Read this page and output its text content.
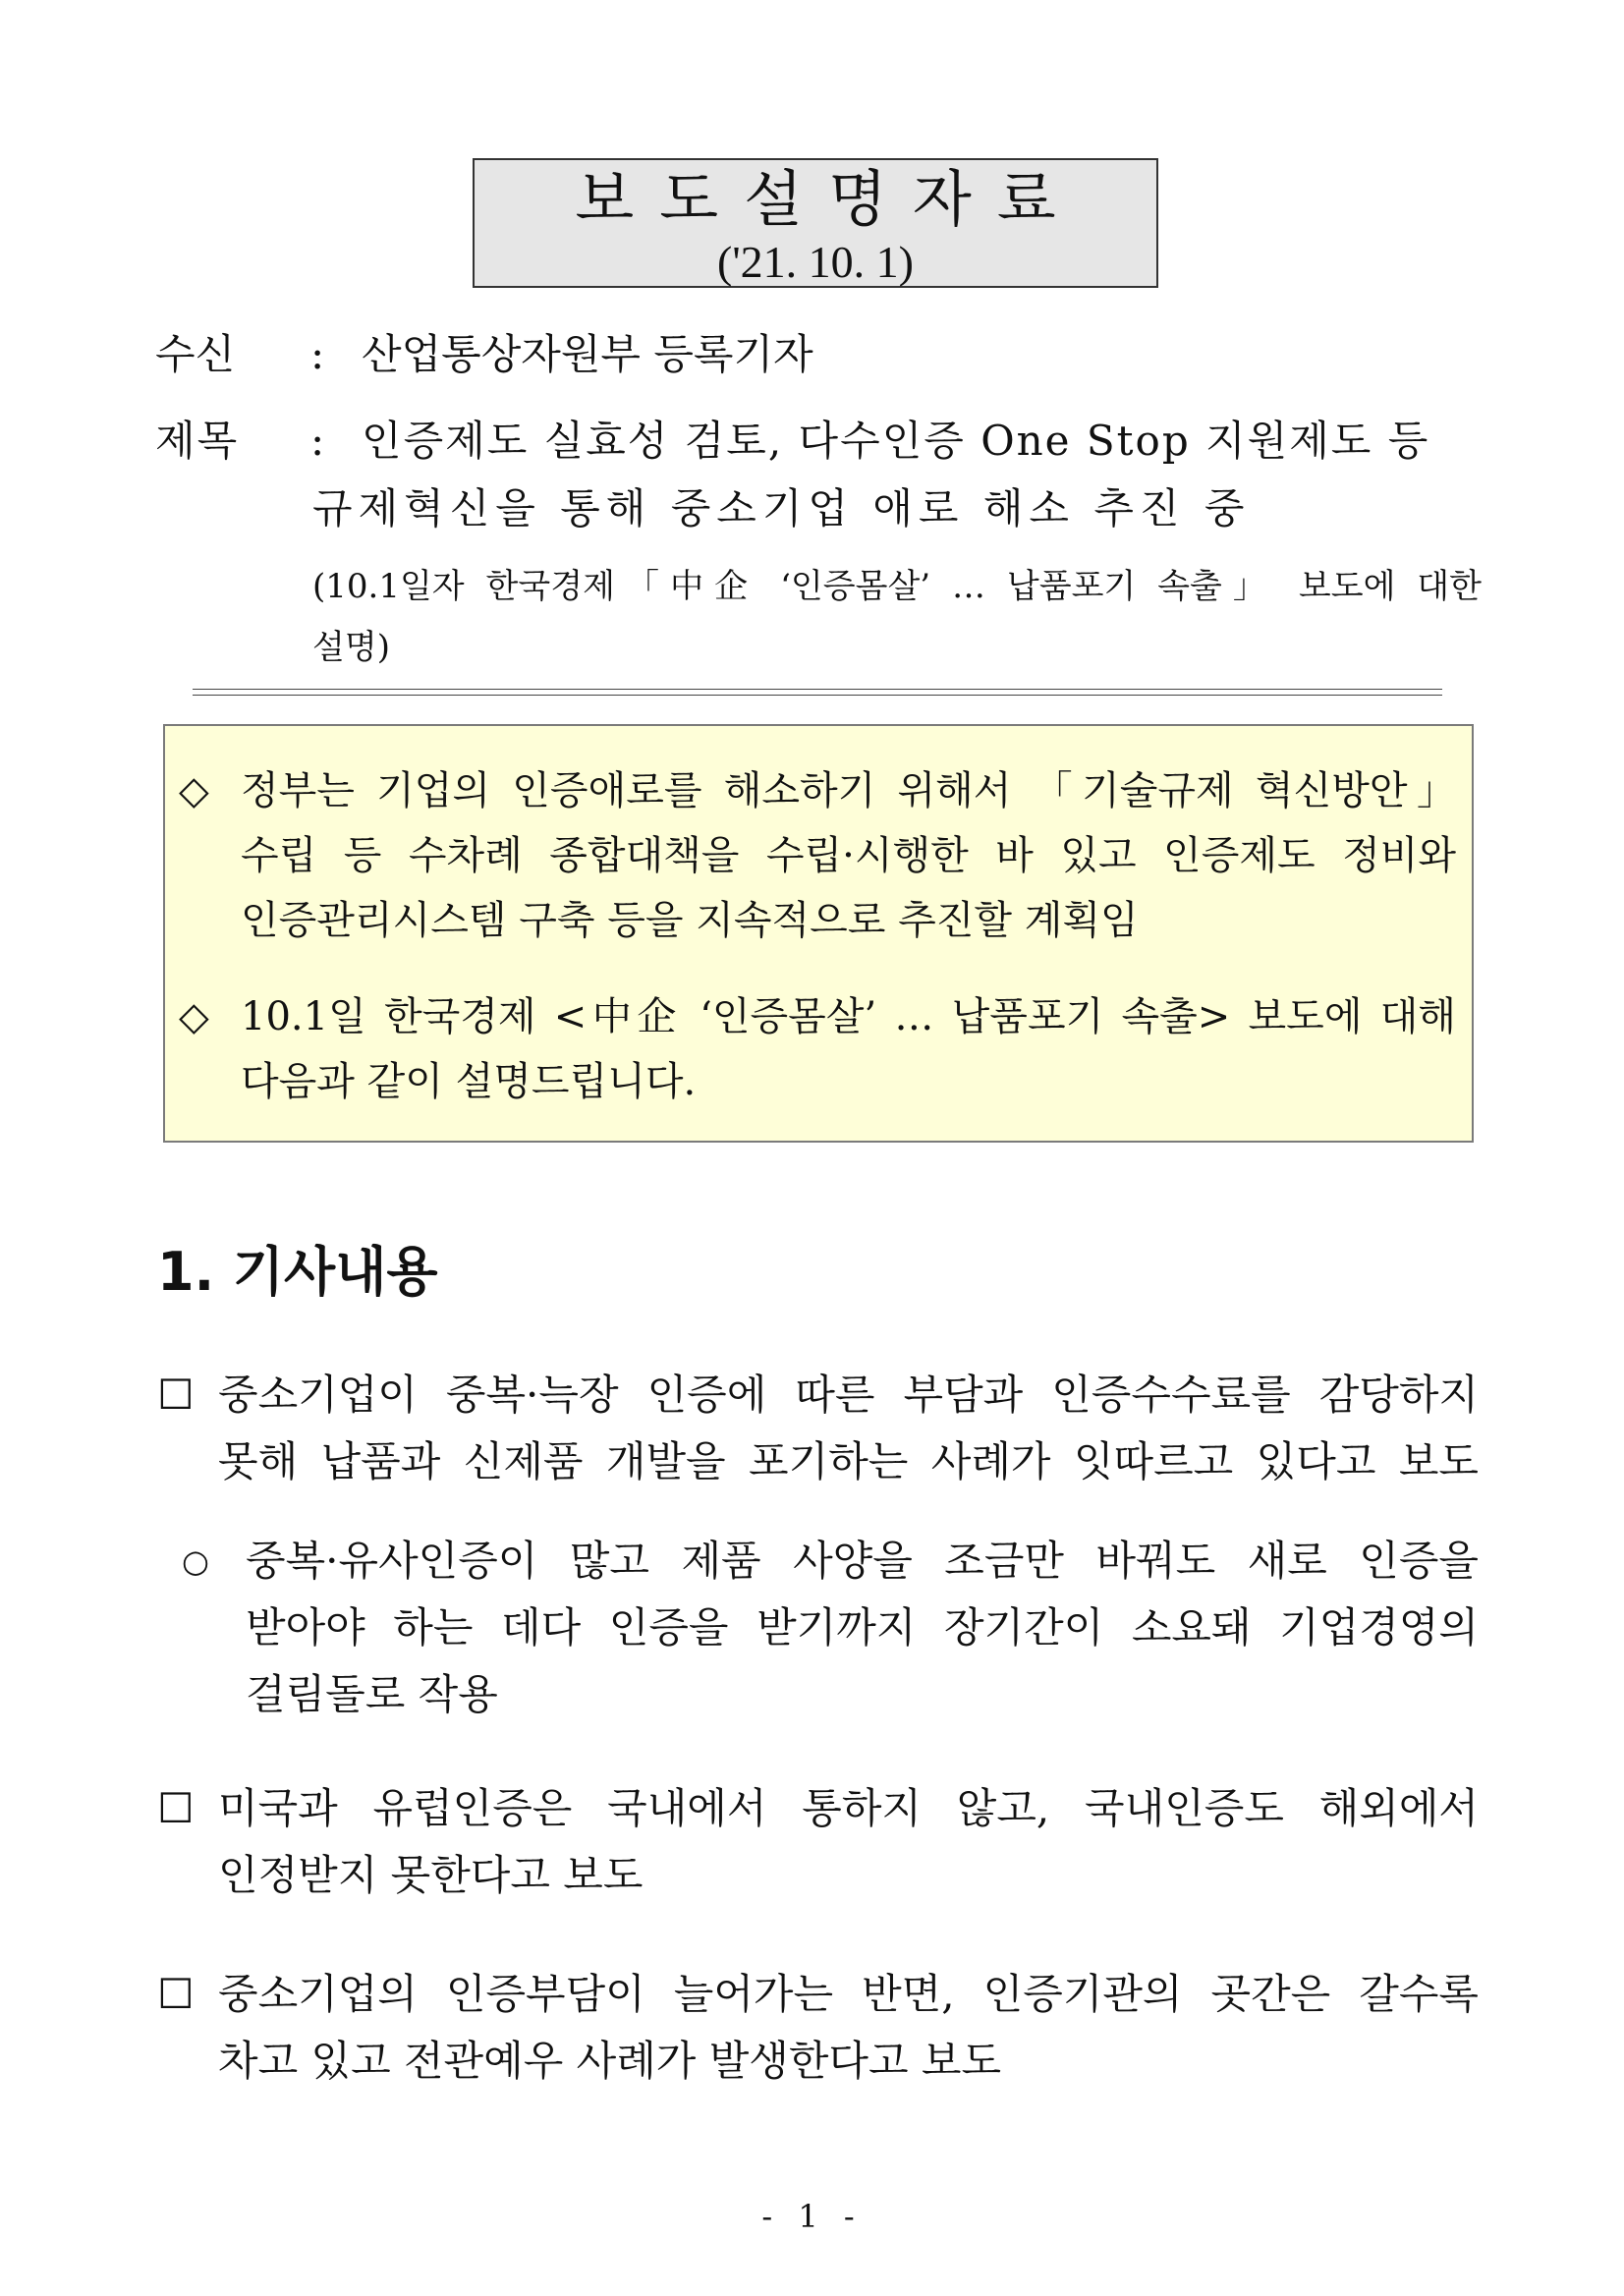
보도설명자료
('21. 10. 1)
수신 : 산업통상자원부 등록기자
제목 : 인증제도 실효성 검토, 다수인증 One Stop 지원제도 등
규제혁신을 통해 중소기업 애로 해소 추진 중
(10.1일자 한국경제「中企 ‘인증몸살’ … 납품포기 속출」 보도에 대한
설명)
◇ 정부는 기업의 인증애로를 해소하기 위해서 「기술규제 혁신방안」
수립 등 수차례 종합대책을 수립·시행한 바 있고 인증제도 정비와
인증관리시스템 구축 등을 지속적으로 추진할 계획임
◇ 10.1일 한국경제 <中企 ‘인증몸살’ … 납품포기 속출> 보도에 대해
다음과 같이 설명드립니다.
1. 기사내용
☐ 중소기업이 중복·늑장 인증에 따른 부담과 인증수수료를 감당하지
못해 납품과 신제품 개발을 포기하는 사례가 잇따르고 있다고 보도
○ 중복·유사인증이 많고 제품 사양을 조금만 바꿔도 새로 인증을
받아야 하는 데다 인증을 받기까지 장기간이 소요돼 기업경영의
걸림돌로 작용
☐ 미국과 유럽인증은 국내에서 통하지 않고, 국내인증도 해외에서
인정받지 못한다고 보도
☐ 중소기업의 인증부담이 늘어가는 반면, 인증기관의 곳간은 갈수록
차고 있고 전관예우 사례가 발생한다고 보도
- 1 -
